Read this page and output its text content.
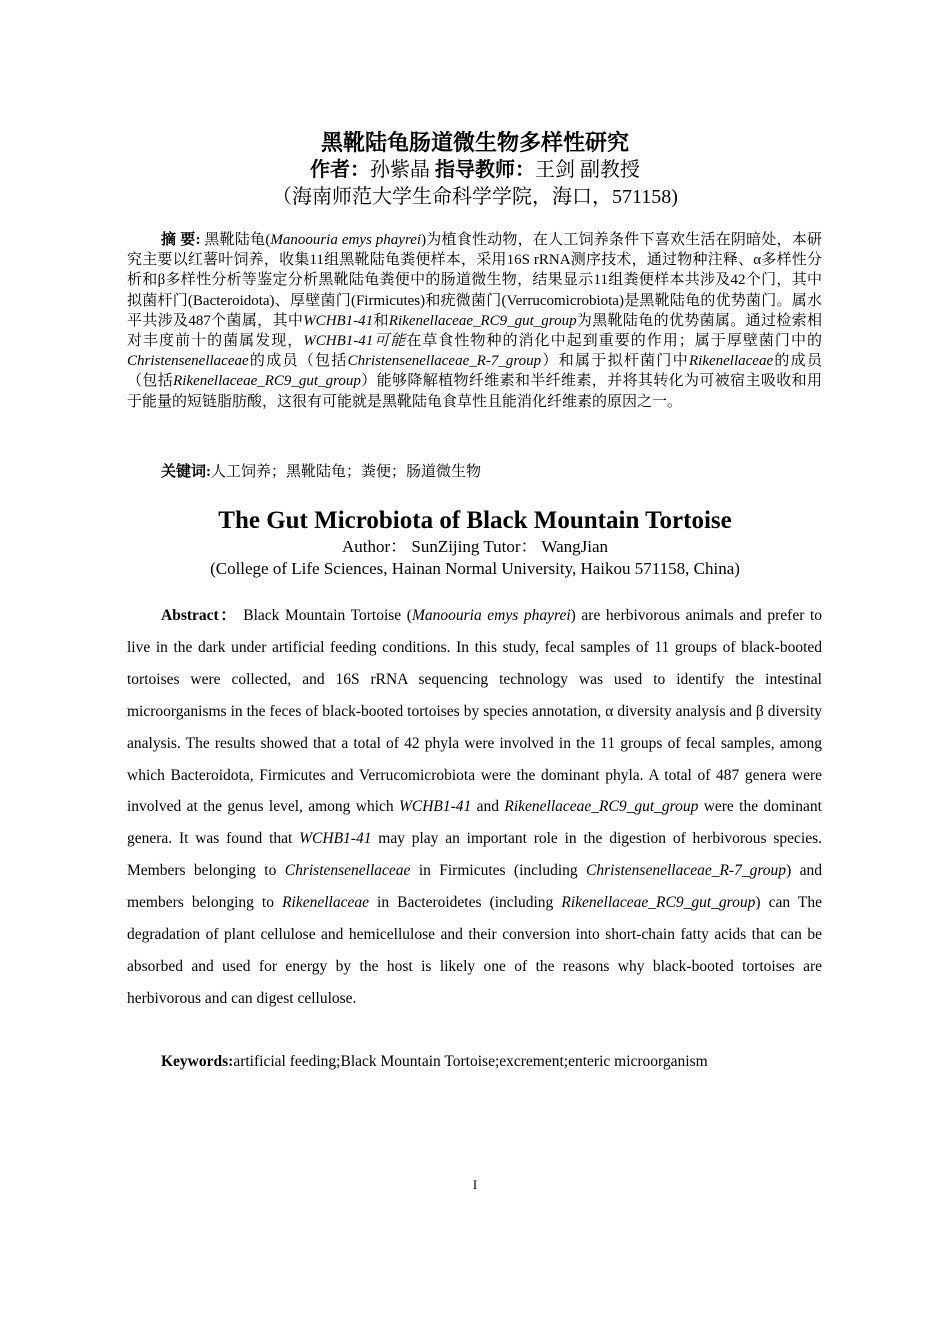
黑靴陆龟肠道微生物多样性研究
作者：孙紫晶 指导教师：王剑 副教授
（海南师范大学生命科学学院，海口，571158)
摘 要: 黑靴陆龟(Manoouria emys phayrei)为植食性动物，在人工饲养条件下喜欢生活在阴暗处，本研究主要以红薯叶饲养，收集11组黑靴陆龟粪便样本，采用16S rRNA测序技术，通过物种注释、α多样性分析和β多样性分析等鉴定分析黑靴陆龟粪便中的肠道微生物，结果显示11组粪便样本共涉及42个门，其中拟菌杆门(Bacteroidota)、厚壁菌门(Firmicutes)和疣微菌门(Verrucomicrobiota)是黑靴陆龟的优势菌门。属水平共涉及487个菌属，其中WCHB1-41和Rikenellaceae_RC9_gut_group为黑靴陆龟的优势菌属。通过检索相对丰度前十的菌属发现，WCHB1-41可能在草食性物种的消化中起到重要的作用；属于厚壁菌门中的Christensenellaceae的成员（包括Christensenellaceae_R-7_group）和属于拟杆菌门中Rikenellaceae的成员（包括Rikenellaceae_RC9_gut_group）能够降解植物纤维素和半纤维素，并将其转化为可被宿主吸收和用于能量的短链脂肪酸，这很有可能就是黑靴陆龟食草性且能消化纤维素的原因之一。
关键词:人工饲养；黑靴陆龟；粪便；肠道微生物
The Gut Microbiota of Black Mountain Tortoise
Author： SunZijing Tutor： WangJian
(College of Life Sciences, Hainan Normal University, Haikou 571158, China)
Abstract： Black Mountain Tortoise (Manoouria emys phayrei) are herbivorous animals and prefer to live in the dark under artificial feeding conditions. In this study, fecal samples of 11 groups of black-booted tortoises were collected, and 16S rRNA sequencing technology was used to identify the intestinal microorganisms in the feces of black-booted tortoises by species annotation, α diversity analysis and β diversity analysis. The results showed that a total of 42 phyla were involved in the 11 groups of fecal samples, among which Bacteroidota, Firmicutes and Verrucomicrobiota were the dominant phyla. A total of 487 genera were involved at the genus level, among which WCHB1-41 and Rikenellaceae_RC9_gut_group were the dominant genera. It was found that WCHB1-41 may play an important role in the digestion of herbivorous species. Members belonging to Christensenellaceae in Firmicutes (including Christensenellaceae_R-7_group) and members belonging to Rikenellaceae in Bacteroidetes (including Rikenellaceae_RC9_gut_group) can The degradation of plant cellulose and hemicellulose and their conversion into short-chain fatty acids that can be absorbed and used for energy by the host is likely one of the reasons why black-booted tortoises are herbivorous and can digest cellulose.
Keywords:artificial feeding;Black Mountain Tortoise;excrement;enteric microorganism
I
